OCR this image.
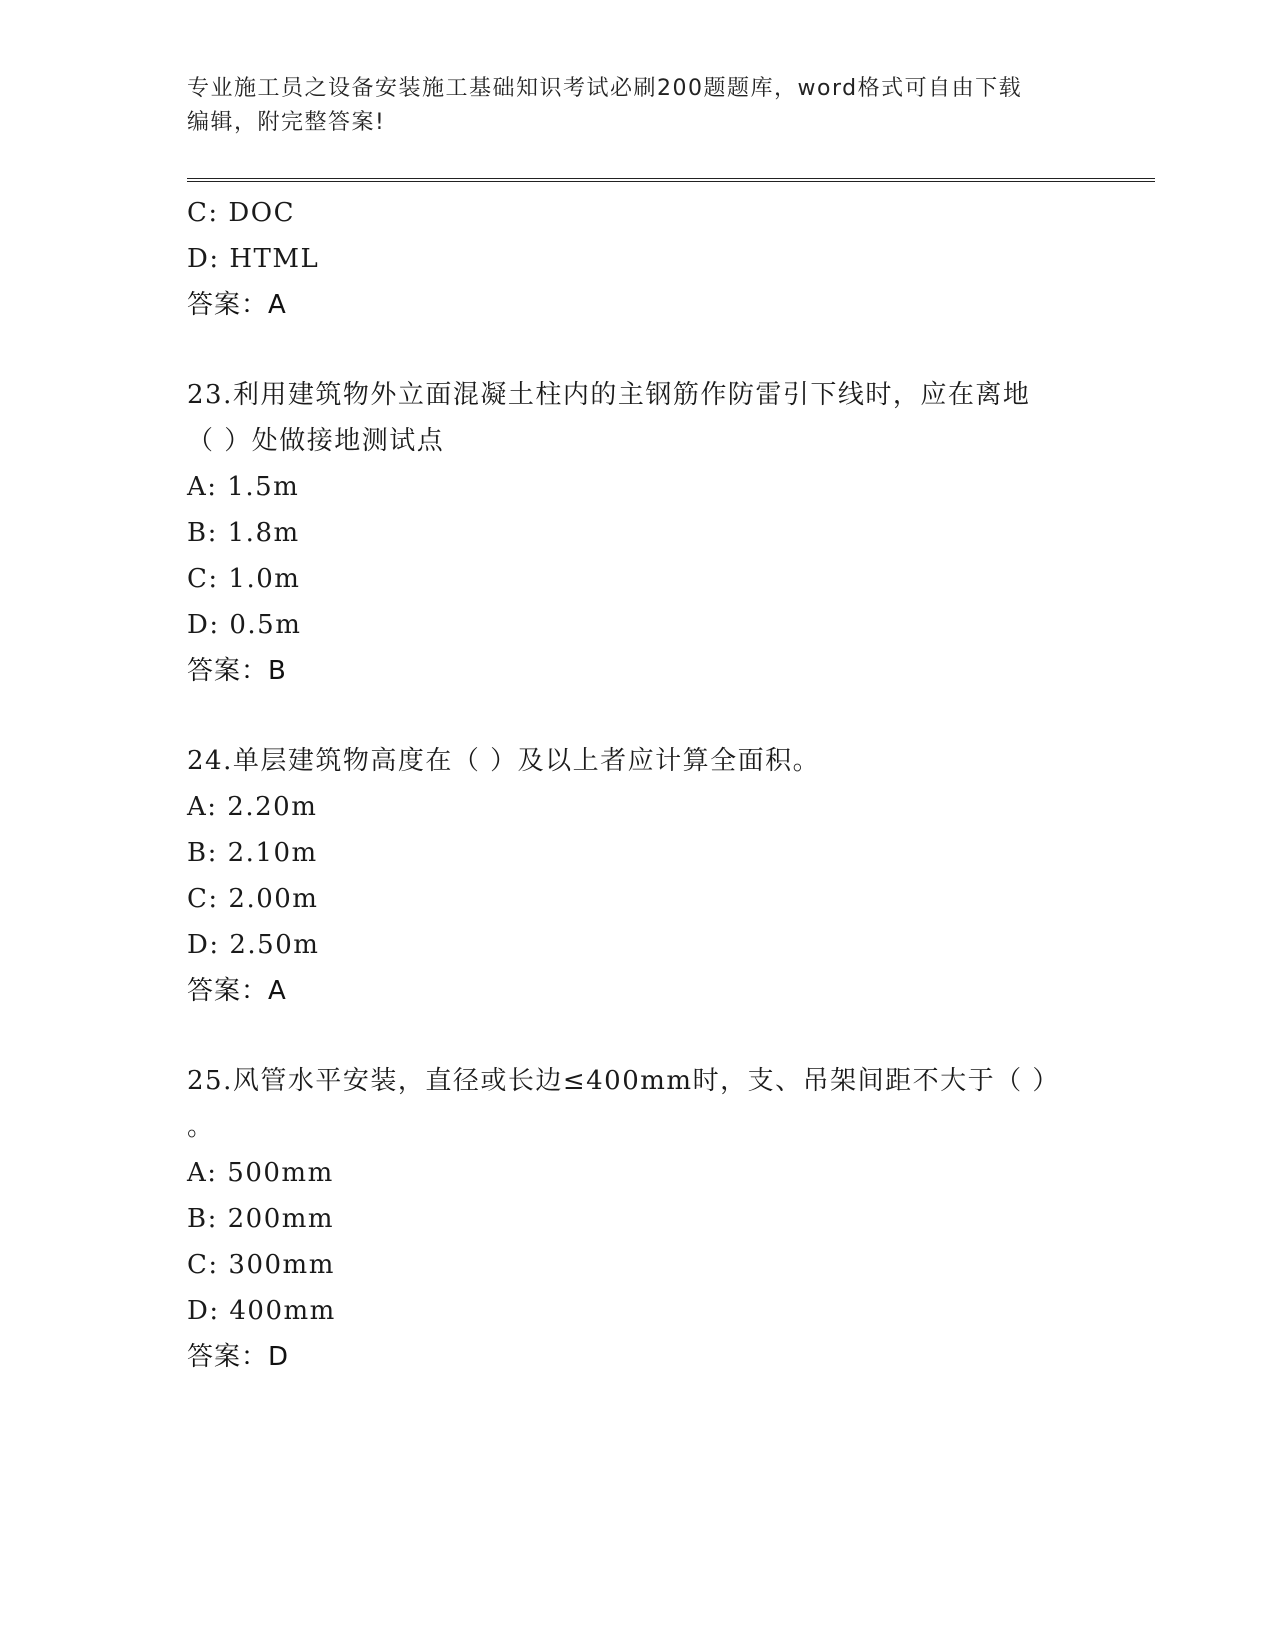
专业施工员之设备安装施工基础知识考试必刷200题题库，word格式可自由下载
编辑，附完整答案!

C: DOC

D: HTML

答案：A

23.利用建筑物外立面混凝土柱内的主钢筋作防雷引下线时，应在离地

（ ）处做接地测试点

A: 1.5m

B: 1.8m

C: 1.0m

D: 0.5m

答案：B

24.单层建筑物高度在（ ）及以上者应计算全面积。

A: 2.20m

B: 2.10m

C: 2.00m

D: 2.50m

答案：A

25.风管水平安装，直径或长边≤400mm时，支、吊架间距不大于（ ）

。

A: 500mm

B: 200mm

C: 300mm

D: 400mm

答案：D
